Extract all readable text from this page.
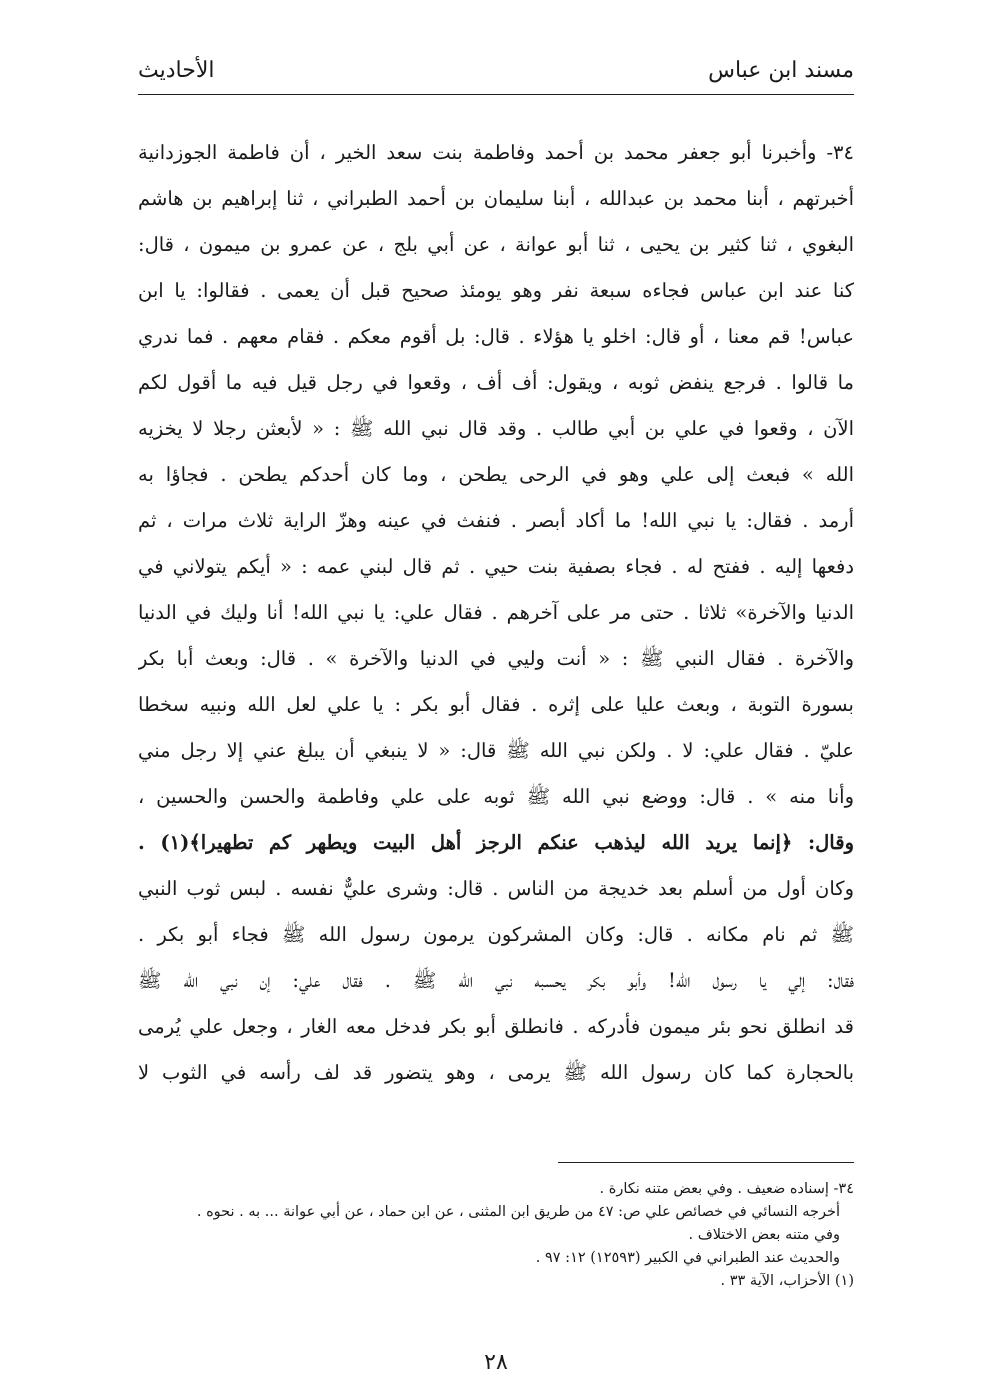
مسند ابن عباس
الأحاديث
٣٤- وأخبرنا أبو جعفر محمد بن أحمد وفاطمة بنت سعد الخير ، أن فاطمة الجوزدانية
أخبرتهم ، أبنا محمد بن عبدالله ، أبنا سليمان بن أحمد الطبراني ، ثنا إبراهيم بن هاشم
البغوي ، ثنا كثير بن يحيى ، ثنا أبو عوانة ، عن أبي بلج ، عن عمرو بن ميمون ، قال:
كنا عند ابن عباس فجاءه سبعة نفر وهو يومئذ صحيح قبل أن يعمى . فقالوا: يا ابن
عباس! قم معنا ، أو قال: اخلو يا هؤلاء . قال: بل أقوم معكم . فقام معهم . فما ندري
ما قالوا . فرجع ينفض ثوبه ، ويقول: أف أف ، وقعوا في رجل قيل فيه ما أقول لكم
الآن ، وقعوا في علي بن أبي طالب . وقد قال نبي الله ﷺ : « لأبعثن رجلا لا يخزيه
الله » فبعث إلى علي وهو في الرحى يطحن ، وما كان أحدكم يطحن . فجاؤا به
أرمد . فقال: يا نبي الله! ما أكاد أبصر . فنفث في عينه وهزّ الراية ثلاث مرات ، ثم
دفعها إليه . ففتح له . فجاء بصفية بنت حيي . ثم قال لبني عمه : « أيكم يتولاني في
الدنيا والآخرة» ثلاثا . حتى مر على آخرهم . فقال علي: يا نبي الله! أنا وليك في الدنيا
والآخرة . فقال النبي ﷺ : « أنت وليي في الدنيا والآخرة » . قال: وبعث أبا بكر
بسورة التوبة ، وبعث عليا على إثره . فقال أبو بكر : يا علي لعل الله ونبيه سخطا
عليّ . فقال علي: لا . ولكن نبي الله ﷺ قال: « لا ينبغي أن يبلغ عني إلا رجل مني
وأنا منه » . قال: ووضع نبي الله ﷺ ثوبه على علي وفاطمة والحسن والحسين ،
وقال: ﴿إنما يريد الله ليذهب عنكم الرجز أهل البيت ويطهر كم تطهيرا﴾(١) .
وكان أول من أسلم بعد خديجة من الناس . قال: وشرى عليٌّ نفسه . لبس ثوب النبي
ﷺ ثم نام مكانه . قال: وكان المشركون يرمون رسول الله ﷺ فجاء أبو بكر .
فقال: إلي يا رسول الله! وأبو بكر يحسبه نبي الله ﷺ . فقال علي: إن نبي الله ﷺ
قد انطلق نحو بئر ميمون فأدركه . فانطلق أبو بكر فدخل معه الغار ، وجعل علي يُرمى
بالحجارة كما كان رسول الله ﷺ يرمى ، وهو يتضور قد لف رأسه في الثوب لا
٣٤- إسناده ضعيف . وفي بعض متنه نكارة .
أخرجه النسائي في خصائص علي ص: ٤٧ من طريق ابن المثنى ، عن ابن حماد ، عن أبي عوانة ... به . نحوه .
وفي متنه بعض الاختلاف .
والحديث عند الطبراني في الكبير (١٢٥٩٣) ١٢: ٩٧ .
(١) الأحزاب، الآية ٣٣ .
٢٨
